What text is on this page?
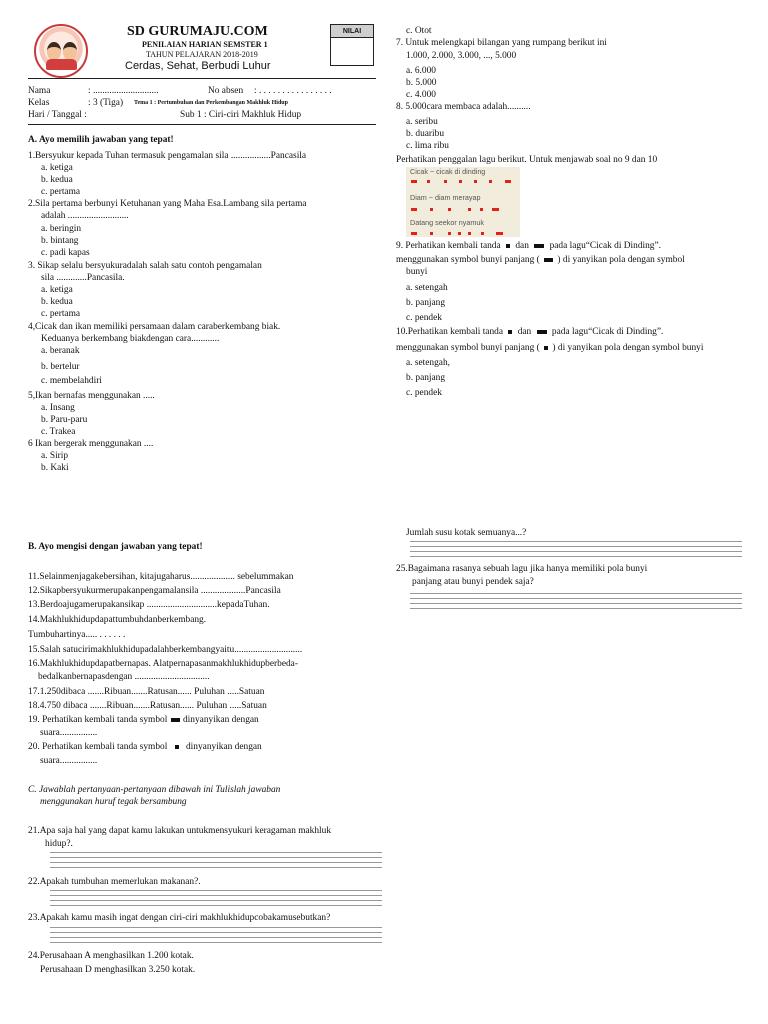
SD GURUMAJU.COM
PENILAIAN HARIAN SEMSTER 1
TAHUN PELAJARAN 2018-2019
Cerdas, Sehat, Berbudi Luhur
NILAI
Nama	: ............................	No absen : . . . . . . . . . . . . . . . .
Kelas	: 3 (Tiga) Tema 1 : Pertumbuhan dan Perkembangan Makhluk Hidup
Hari / Tanggal :	Sub 1 : Ciri-ciri Makhluk Hidup
A. Ayo memilih jawaban yang tepat!
1.Bersyukur kepada Tuhan termasuk pengamalan sila .................Pancasila
a. ketiga
b. kedua
c. pertama
2.Sila pertama berbunyi Ketuhanan yang Maha Esa.Lambang sila pertama
adalah ..........................
a. beringin
b. bintang
c. padi kapas
3. Sikap selalu bersyukuradalah salah satu contoh pengamalan
sila .............Pancasila.
a. ketiga
b. kedua
c. pertama
4,Cicak dan ikan memiliki persamaan dalam caraberkembang biak.
Keduanya berkembang biakdengan cara............
a. beranak
b. bertelur
c. membelahdiri
5,Ikan bernafas menggunakan .....
a. Insang
b. Paru-paru
c. Trakea
6 Ikan bergerak menggunakan ....
a. Sirip
b. Kaki
c. Otot
7. Untuk melengkapi bilangan yang rumpang berikut ini
1.000, 2.000, 3.000, ..., 5.000
a. 6.000
b. 5.000
c. 4.000
8. 5.000cara membaca adalah..........
a. seribu
b. duaribu
c. lima ribu
Perhatikan penggalan lagu berikut. Untuk menjawab soal no 9 dan 10
Cicak ~ cicak di dinding
Diam ~ diam merayap
Datang seekor nyamuk
9. Perhatikan kembali tanda dan pada lagu“Cicak di Dinding”.
menggunakan symbol bunyi panjang ( ) di yanyikan pola dengan symbol
bunyi
a. setengah
b. panjang
c. pendek
10.Perhatikan kembali tanda dan pada lagu“Cicak di Dinding”.
menggunakan symbol bunyi panjang ( ) di yanyikan pola dengan symbol bunyi
a. setengah,
b. panjang
c. pendek
B. Ayo mengisi dengan jawaban yang tepat!
11.Selainmenjagakebersihan, kitajugaharus................... sebelummakan
12.Sikapbersyukurmerupakanpengamalansila ...................Pancasila
13.Berdoajugamerupakansikap ..............................kepadaTuhan.
14.Makhlukhidupdapattumbuhdanberkembang.
Tumbuhartinya..... . . . . . .
15.Salah satucirimakhlukhidupadalahberkembangyaitu.............................
16.Makhlukhidupdapatbernapas. Alatpernapasanmakhlukhidupberbeda-
bedalkanbernapasdengan ................................
17.1.250dibaca .......Ribuan.......Ratusan...... Puluhan .....Satuan
18.4.750 dibaca .......Ribuan.......Ratusan...... Puluhan .....Satuan
19. Perhatikan kembali tanda symbol dinyanyikan dengan
suara................
20. Perhatikan kembali tanda symbol dinyanyikan dengan
suara................
C. Jawablah pertanyaan-pertanyaan dibawah ini Tulislah jawaban
menggunakan huruf tegak bersambung
21.Apa saja hal yang dapat kamu lakukan untukmensyukuri keragaman makhluk
hidup?.
22.Apakah tumbuhan memerlukan makanan?.
23.Apakah kamu masih ingat dengan ciri-ciri makhlukhidupcobakamusebutkan?
24.Perusahaan A menghasilkan 1.200 kotak.
Perusahaan D menghasilkan 3.250 kotak.
Jumlah susu kotak semuanya...?
25.Bagaimana rasanya sebuah lagu jika hanya memiliki pola bunyi
panjang atau bunyi pendek saja?
